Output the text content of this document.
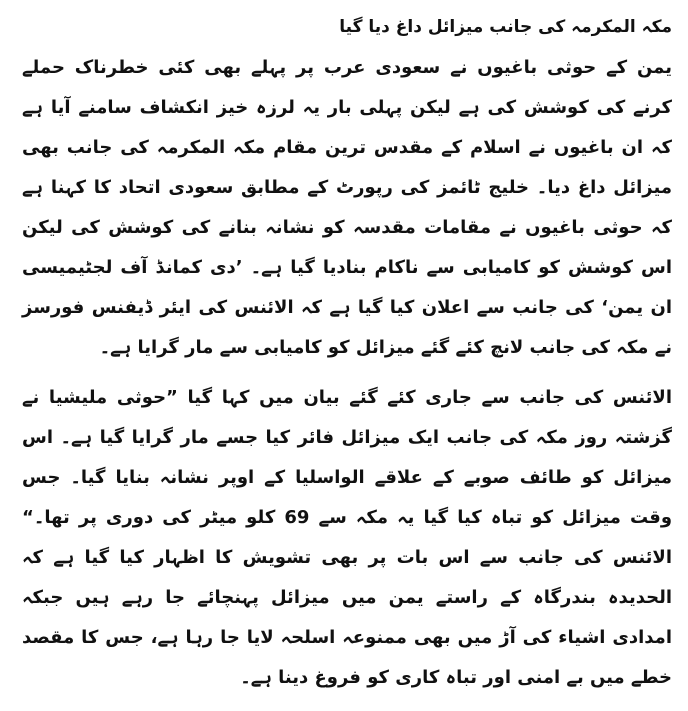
مکہ المکرمہ کی جانب میزائل داغ دیا گیا

یمن کے حوثی باغیوں نے سعودی عرب پر پہلے بھی کئی خطرناک حملے کرنے کی کوشش کی ہے لیکن پہلی بار یہ لرزہ خیز انکشاف سامنے آیا ہے کہ ان باغیوں نے اسلام کے مقدس ترین مقام مکہ المکرمہ کی جانب بھی میزائل داغ دیا۔ خلیج ٹائمز کی رپورٹ کے مطابق سعودی اتحاد کا کہنا ہے کہ حوثی باغیوں نے مقامات مقدسہ کو نشانہ بنانے کی کوشش کی لیکن اس کوشش کو کامیابی سے ناکام بنادیا گیا ہے۔ ’دی کمانڈ آف لجٹیمیسی ان یمن‘ کی جانب سے اعلان کیا گیا ہے کہ الائنس کی ایئر ڈیفنس فورسز نے مکہ کی جانب لانچ کئے گئے میزائل کو کامیابی سے مار گرایا ہے۔

الائنس کی جانب سے جاری کئے گئے بیان میں کہا گیا ”حوثی ملیشیا نے گزشتہ روز مکہ کی جانب ایک میزائل فائر کیا جسے مار گرایا گیا ہے۔ اس میزائل کو طائف صوبے کے علاقے الواسلیا کے اوپر نشانہ بنایا گیا۔ جس وقت میزائل کو تباہ کیا گیا یہ مکہ سے 69 کلو میٹر کی دوری پر تھا۔“ الائنس کی جانب سے اس بات پر بھی تشویش کا اظہار کیا گیا ہے کہ الحدیدہ بندرگاہ کے راستے یمن میں میزائل پہنچائے جا رہے ہیں جبکہ امدادی اشیاء کی آڑ میں بھی ممنوعہ اسلحہ لایا جا رہا ہے، جس کا مقصد خطے میں بے امنی اور تباہ کاری کو فروغ دینا ہے۔
